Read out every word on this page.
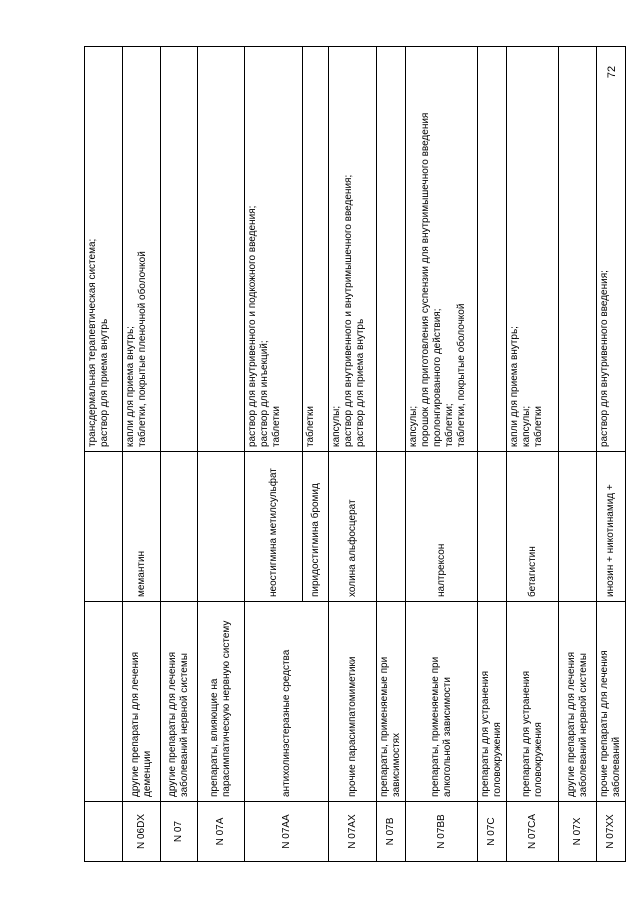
72

			трансдермальная терапевтическая система; раствор для приема внутрь

N 06DX	другие препараты для лечения деменции	мемантин	капли для приема внутрь; таблетки, покрытые пленочной оболочкой

N 07	другие препараты для лечения заболеваний нервной системы		
N 07A	препараты, влияющие на парасимпатическую нервную систему		
N 07AA	антихолинэстеразные средства	неостигмина метилсульфат	раствор для внутривенного и подкожного введения; раствор для инъекций; таблетки

		пиридостигмина бромид	таблетки

N 07AX	прочие парасимпатомиметики	холина альфосцерат	капсулы; раствор для внутривенного и внутримышечного введения; раствор для приема внутрь

N 07B	препараты, применяемые при зависимостях		
N 07BB	препараты, применяемые при алкогольной зависимости	налтрексон	капсулы; порошок для приготовления суспензии для внутримышечного введения пролонгированного действия; таблетки; таблетки, покрытые оболочкой

N 07C	препараты для устранения головокружения		
N 07CA	препараты для устранения головокружения	бетагистин	капли для приема внутрь; капсулы; таблетки

N 07X	другие препараты для лечения заболеваний нервной системы		
N 07XX	прочие препараты для лечения заболеваний	инозин + никотинамид +	раствор для внутривенного введения;
